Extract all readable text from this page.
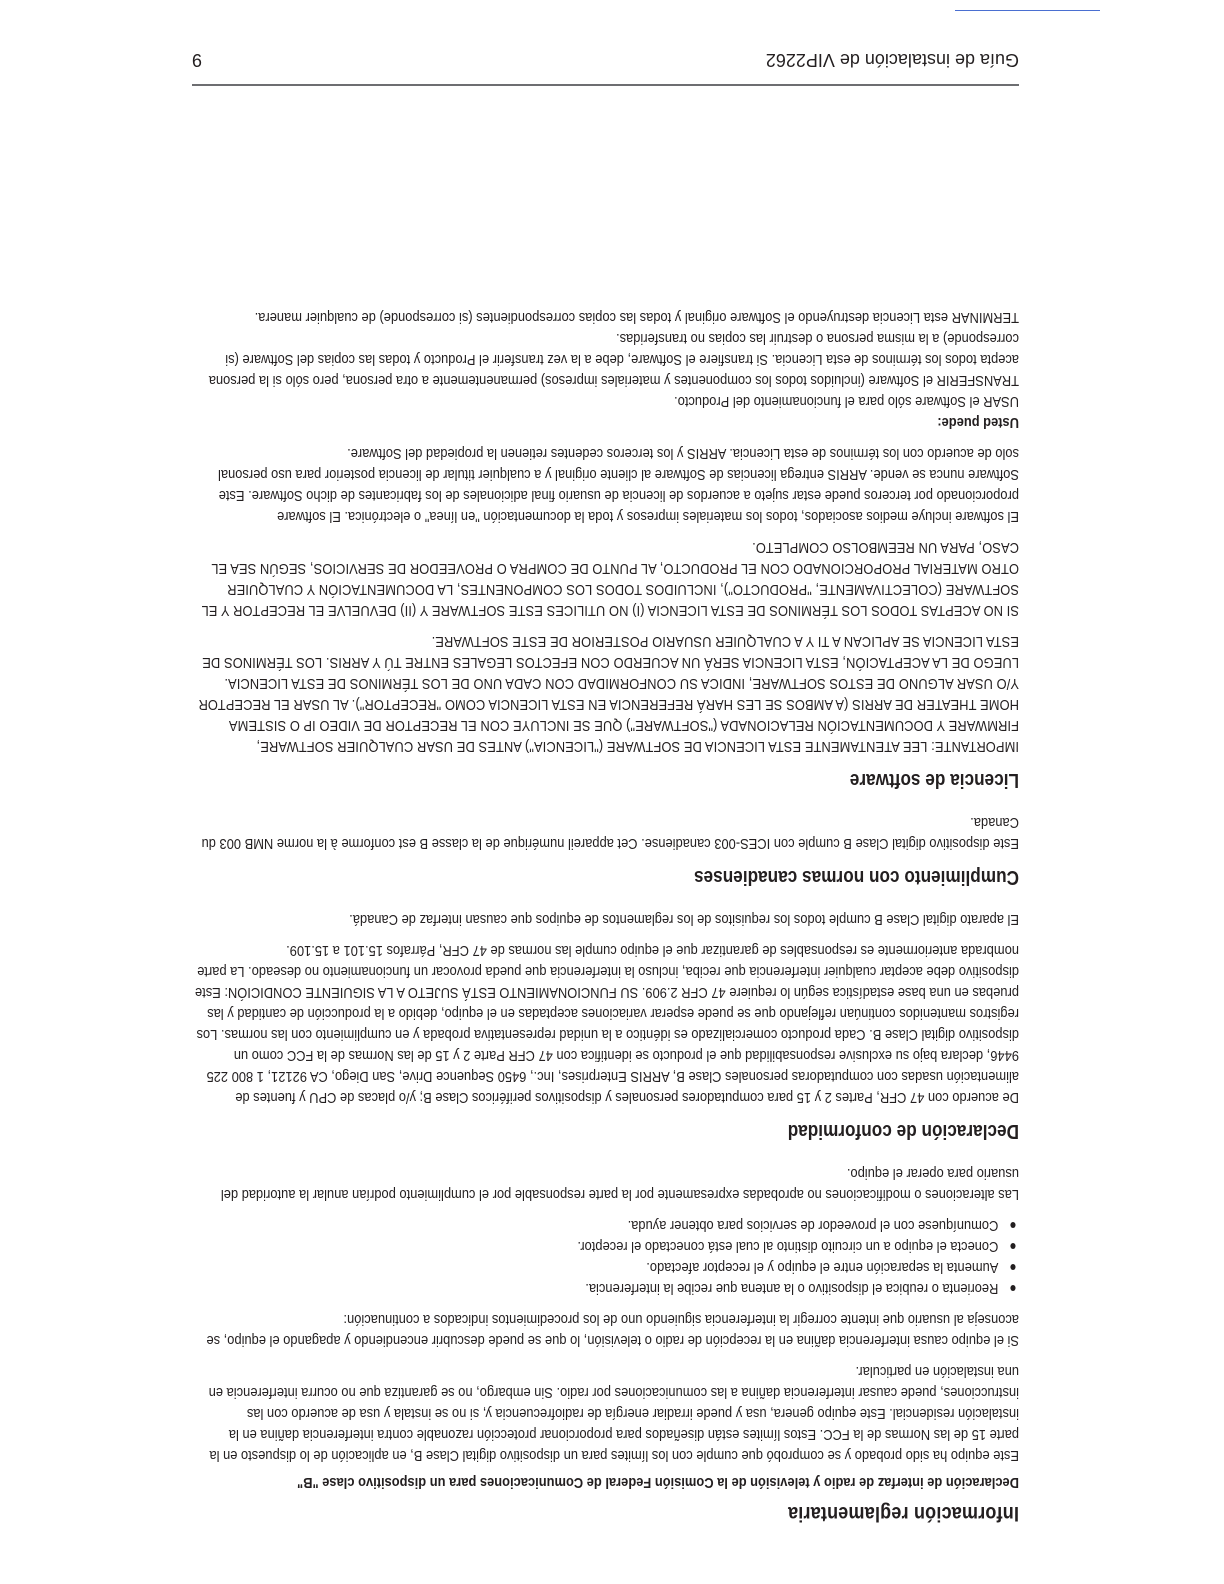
Información reglamentaria
Declaración de interfaz de radio y televisión de la Comisión Federal de Comunicaciones para un dispositivo clase "B"

Este equipo ha sido probado y se comprobó que cumple con los límites para un dispositivo digital Clase B, en aplicación de lo dispuesto en la parte 15 de las Normas de la FCC. Estos límites están diseñados para proporcionar protección razonable contra interferencia dañina en la instalación residencial. Este equipo genera, usa y puede irradiar energía de radiofrecuencia y, si no se instala y usa de acuerdo con las instrucciones, puede causar interferencia dañina a las comunicaciones por radio. Sin embargo, no se garantiza que no ocurra interferencia en una instalación en particular.

Si el equipo causa interferencia dañina en la recepción de radio o televisión, lo que se puede descubrir encendiendo y apagando el equipo, se aconseja al usuario que intente corregir la interferencia siguiendo uno de los procedimientos indicados a continuación:

Reorienta o reubica el dispositivo o la antena que recibe la interferencia.
Aumenta la separación entre el equipo y el receptor afectado.
Conecta el equipo a un circuito distinto al cual está conectado el receptor.
Comuníquese con el proveedor de servicios para obtener ayuda.

Las alteraciones o modificaciones no aprobadas expresamente por la parte responsable por el cumplimiento podrían anular la autoridad del usuario para operar el equipo.

Declaración de conformidad

De acuerdo con 47 CFR, Partes 2 y 15 para computadores personales y dispositivos periféricos Clase B; y/o placas de CPU y fuentes de alimentación usadas con computadoras personales Clase B, ARRIS Enterprises, Inc., 6450 Sequence Drive, San Diego, CA 92121, 1 800 225 9446, declara bajo su exclusive responsabilidad que el producto se identifica con 47 CFR Parte 2 y 15 de las Normas de la FCC como un dispositivo digital Clase B. Cada producto comercializado es idéntico a la unidad representativa probada y en cumplimiento con las normas. Los registros mantenidos continúan reflejando que se puede esperar variaciones aceptadas en el equipo, debido a la producción de cantidad y las pruebas en una base estadística según lo requiere 47 CFR 2.909. SU FUNCIONAMIENTO ESTÁ SUJETO A LA SIGUIENTE CONDICIÓN: Este dispositivo debe aceptar cualquier interferencia que reciba, incluso la interferencia que pueda provocar un funcionamiento no deseado. La parte nombrada anteriormente es responsables de garantizar que el equipo cumple las normas de 47 CFR, Párrafos 15.101 a 15.109.

El aparato digital Clase B cumple todos los requisitos de los reglamentos de equipos que causan interfaz de Canadá.

Cumplimiento con normas canadienses

Este dispositivo digital Clase B cumple con ICES-003 canadiense. Cet appareil numérique de la classe B est conforme à la norme NMB 003 du Canada.

Licencia de software

IMPORTANTE: LEE ATENTAMENTE ESTA LICENCIA DE SOFTWARE ("LICENCIA") ANTES DE USAR CUALQUIER SOFTWARE, FIRMWARE Y DOCUMENTACIÓN RELACIONADA ("SOFTWARE") QUE SE INCLUYE CON EL RECEPTOR DE VIDEO IP O SISTEMA HOME THEATER DE ARRIS (A AMBOS SE LES HARÁ REFERENCIA EN ESTA LICENCIA COMO "RECEPTOR"). AL USAR EL RECEPTOR Y/O USAR ALGUNO DE ESTOS SOFTWARE, INDICA SU CONFORMIDAD CON CADA UNO DE LOS TÉRMINOS DE ESTA LICENCIA. LUEGO DE LA ACEPTACIÓN, ESTA LICENCIA SERÁ UN ACUERDO CON EFECTOS LEGALES ENTRE TÚ Y ARRIS. LOS TÉRMINOS DE ESTA LICENCIA SE APLICAN A TI Y A CUALQUIER USUARIO POSTERIOR DE ESTE SOFTWARE.

SI NO ACEPTAS TODOS LOS TÉRMINOS DE ESTA LICENCIA (I) NO UTILICES ESTE SOFTWARE Y (II) DEVUELVE EL RECEPTOR Y EL SOFTWARE (COLECTIVAMENTE, "PRODUCTO"), INCLUIDOS TODOS LOS COMPONENTES, LA DOCUMENTACIÓN Y CUALQUIER OTRO MATERIAL PROPORCIONADO CON EL PRODUCTO, AL PUNTO DE COMPRA O PROVEEDOR DE SERVICIOS, SEGÚN SEA EL CASO, PARA UN REEMBOLSO COMPLETO.

El software incluye medios asociados, todos los materiales impresos y toda la documentación "en línea" o electrónica. El software proporcionado por terceros puede estar sujeto a acuerdos de licencia de usuario final adicionales de los fabricantes de dicho Software. Este Software nunca se vende. ARRIS entrega licencias de Software al cliente original y a cualquier titular de licencia posterior para uso personal solo de acuerdo con los términos de esta Licencia. ARRIS y los terceros cedentes retienen la propiedad del Software.

Usted puede:
USAR el Software sólo para el funcionamiento del Producto.
TRANSFERIR el Software (incluidos todos los componentes y materiales impresos) permanentemente a otra persona, pero sólo si la persona acepta todos los términos de esta Licencia. Si transfiere el Software, debe a la vez transferir el Producto y todas las copias del Software (si corresponde) a la misma persona o destruir las copias no transferidas.
TERMINAR esta Licencia destruyendo el Software original y todas las copias correspondientes (si corresponde) de cualquier manera.
Guía de instalación de VIP2262
9
